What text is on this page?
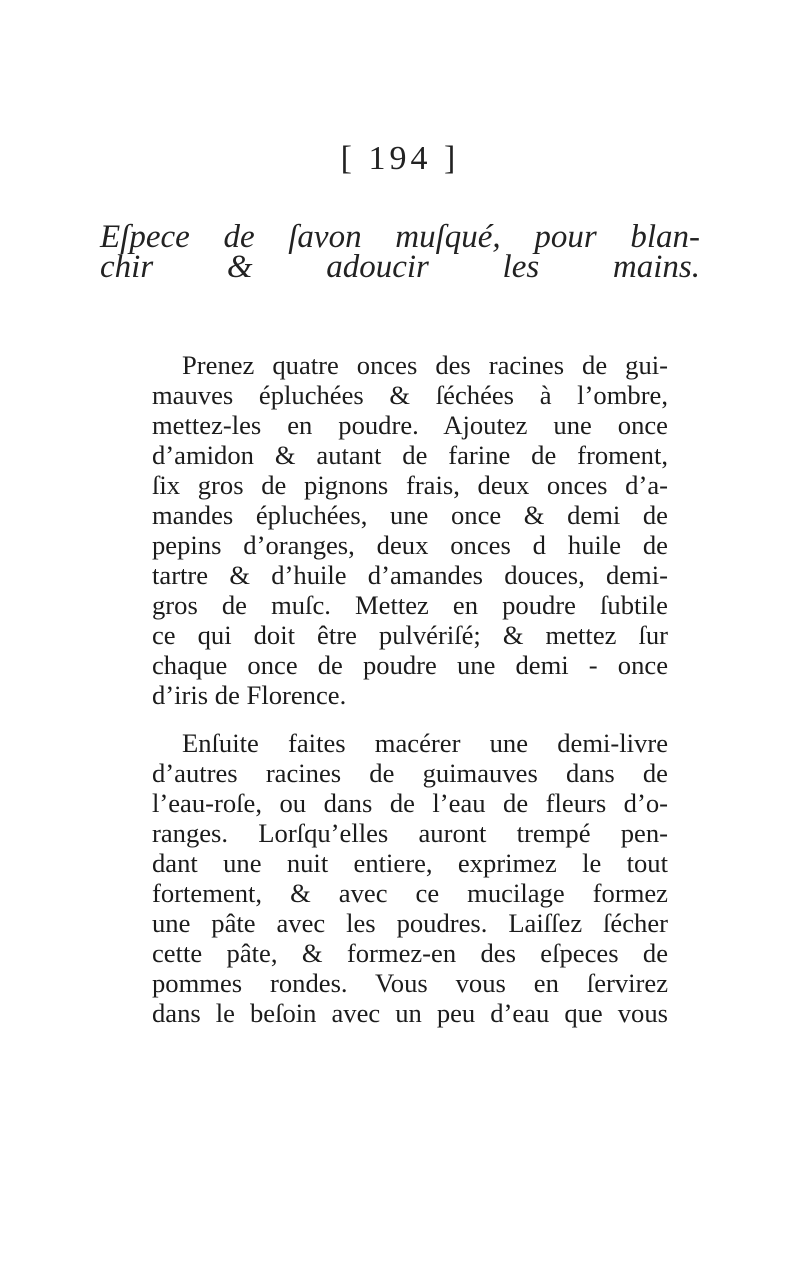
[ 194 ]
Eſpece de ſavon muſqué, pour blan-
chir & adoucir les mains.
Prenez quatre onces des racines de gui-
mauves épluchées & ſéchées à l’ombre,
mettez-les en poudre. Ajoutez une once
d’amidon & autant de farine de froment,
ſix gros de pignons frais, deux onces d’a-
mandes épluchées, une once & demi de
pepins d’oranges, deux onces d huile de
tartre & d’huile d’amandes douces, demi-
gros de muſc. Mettez en poudre ſubtile
ce qui doit être pulvériſé; & mettez ſur
chaque once de poudre une demi - once
d’iris de Florence.
Enſuite faites macérer une demi-livre
d’autres racines de guimauves dans de
l’eau-roſe, ou dans de l’eau de fleurs d’o-
ranges. Lorſqu’elles auront trempé pen-
dant une nuit entiere, exprimez le tout
fortement, & avec ce mucilage formez
une pâte avec les poudres. Laiſſez ſécher
cette pâte, & formez-en des eſpeces de
pommes rondes. Vous vous en ſervirez
dans le beſoin avec un peu d’eau que vous
